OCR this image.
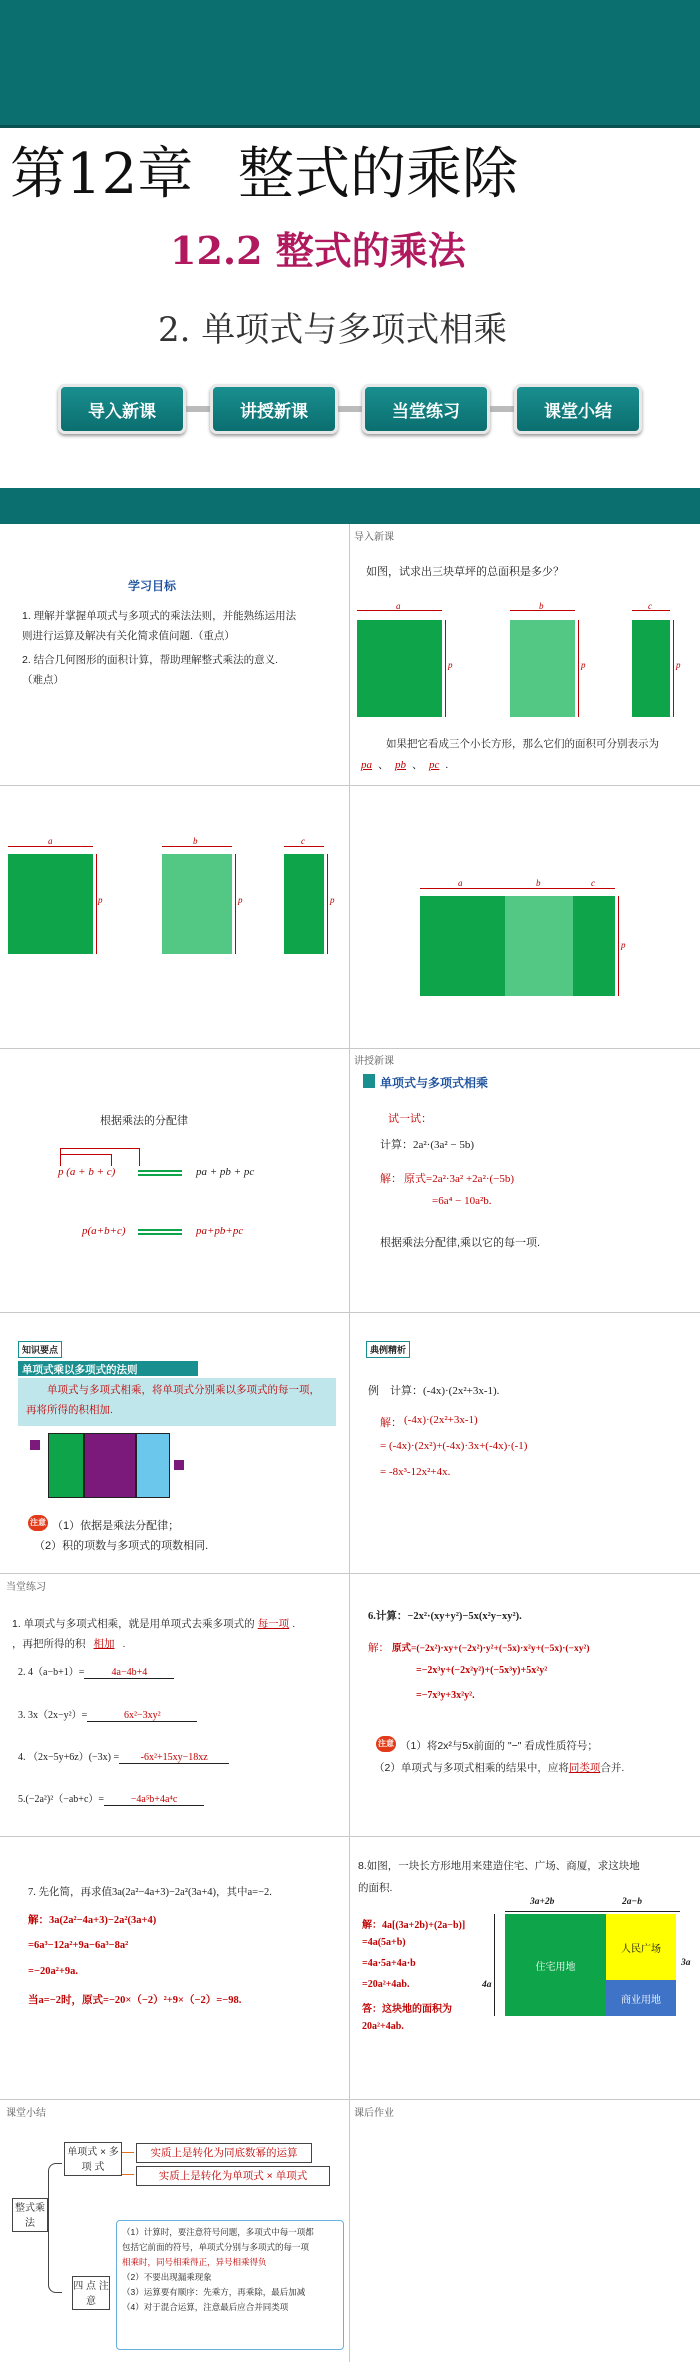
第12章 整式的乘除
12.2 整式的乘法
2. 单项式与多项式相乘
导入新课	讲授新课	当堂练习	课堂小结
学习目标
1. 理解并掌握单项式与多项式的乘法法则，并能熟练运用法
则进行运算及解决有关化简求值问题.（重点）
2. 结合几何图形的面积计算，帮助理解整式乘法的意义.
（难点）
导入新课
如图，试求出三块草坪的总面积是多少？
a	b	c
p	p	p
如果把它看成三个小长方形，那么它们的面积可分别表示为
pa 、 pb 、 pc .
a	b	c
p	p	p
a	b	c
p
根据乘法的分配律
p (a + b + c)	pa + pb + pc
p(a+b+c)	pa+pb+pc
讲授新课
单项式与多项式相乘
试一试：
计算：2a²·(3a² − 5b)
解： 原式=2a²·3a² +2a²·(−5b)
=6a⁴ − 10a²b.
根据乘法分配律,乘以它的每一项.
知识要点
单项式乘以多项式的法则
单项式与多项式相乘，将单项式分别乘以多项式的每一项，再将所得的积相加.
注意 （1）依据是乘法分配律；
（2）积的项数与多项式的项数相同.
典例精析
例　计算：(-4x)·(2x²+3x-1).
解： (-4x)·(2x²+3x-1)
= (-4x)·(2x²)+(-4x)·3x+(-4x)·(-1)
= -8x³-12x²+4x.
当堂练习
1. 单项式与多项式相乘，就是用单项式去乘多项式的 每一项 .
，再把所得的积 相加 .
2. 4（a−b+1）=	4a−4b+4
3. 3x（2x−y²）=	6x²−3xy²
4. （2x−5y+6z）(−3x) = -6x²+15xy−18xz
5.(−2a²)²（−ab+c）=	−4a⁵b+4a⁴c
6.计算：−2x²·(xy+y²)−5x(x²y−xy²).
解： 原式=(−2x²)·xy+(−2x²)·y²+(−5x)·x²y+(−5x)·(−xy²)
=−2x³y+(−2x²y²)+(−5x³y)+5x²y²
=−7x³y+3x²y².
注意 （1）将2x²与5x前面的 "−" 看成性质符号；
（2）单项式与多项式相乘的结果中，应将同类项合并.
7. 先化简，再求值3a(2a²−4a+3)−2a²(3a+4)，其中a=−2.
解：3a(2a²−4a+3)−2a²(3a+4)
=6a³−12a²+9a−6a³−8a²
=−20a²+9a.
当a=−2时，原式=−20×（−2）²+9×（−2）=−98.
8.如图，一块长方形地用来建造住宅、广场、商厦，求这块地
的面积.
解：4a[(3a+2b)+(2a−b)]
=4a(5a+b)
=4a·5a+4a·b
=20a²+4ab.
答：这块地的面积为
20a²+4ab.
3a+2b	2a−b
4a
3a
住宅用地
人民广场
商业用地
课堂小结
整式乘法
单项式 × 多 项 式
四 点 注 意
实质上是转化为同底数幂的运算
实质上是转化为单项式 × 单项式
（1）计算时，要注意符号问题，多项式中每一项都
包括它前面的符号，单项式分别与多项式的每一项
相乘时，同号相乘得正，异号相乘得负
（2）不要出现漏乘现象
（3）运算要有顺序：先乘方，再乘除，最后加减
（4）对于混合运算，注意最后应合并同类项
课后作业
